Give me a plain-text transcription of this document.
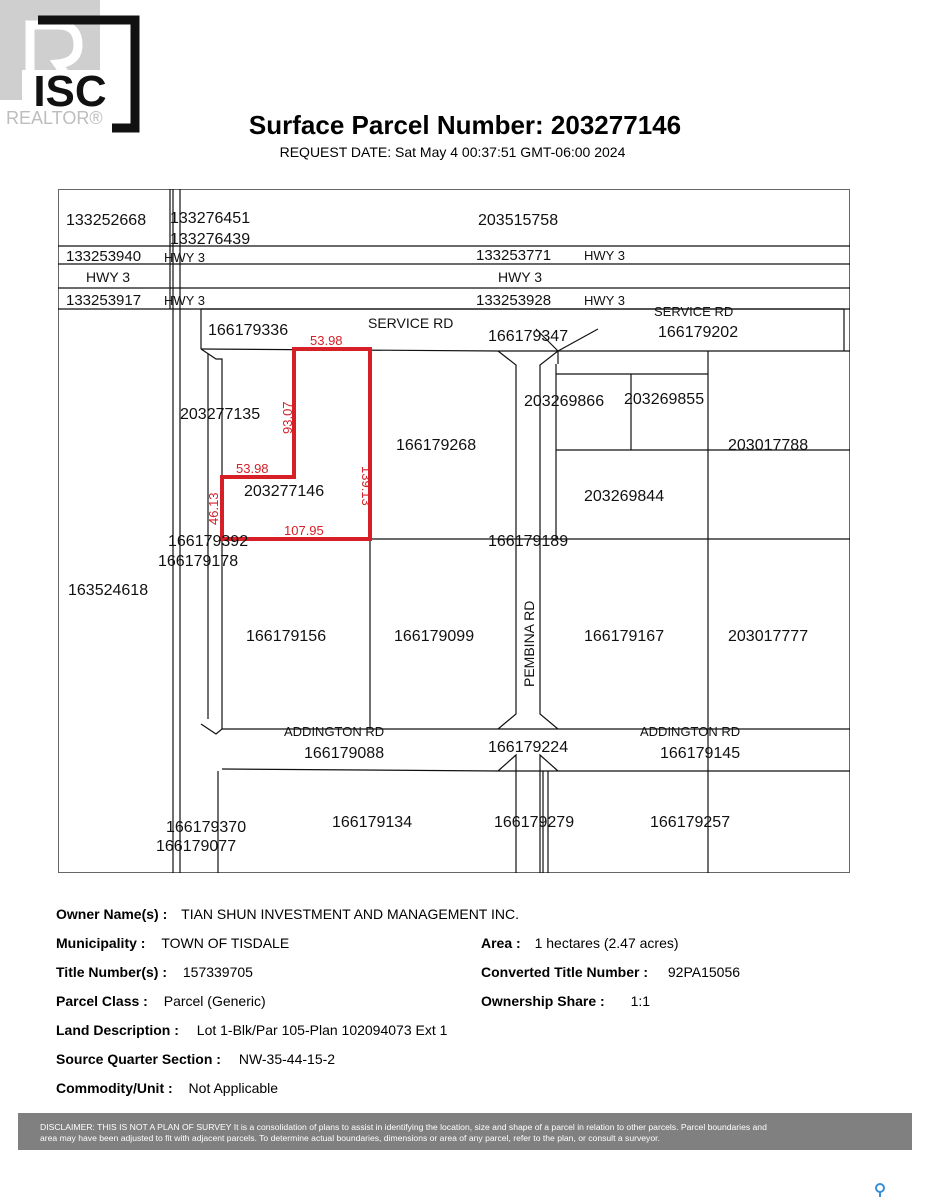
ISC
REALTOR®	Surface Parcel Number: 203277146
REQUEST DATE: Sat May 4 00:37:51 GMT-06:00 2024
133252668 133276451
133276439
203515758
133253940 HWY 3	133253771	HWY 3
HWY 3	HWY 3
133253917 HWY 3	133253928	HWY 3
166179336	166179347	166179202
203277135
203269866 203269855
166179268	203017788
203277146	203269844
166179392
166179178
166179189
163524618
166179156	166179099	166179167	203017777
166179088	166179224	166179145
166179370
166179077
166179134	166179279	166179257
SERVICE RD
SERVICE RD
PEMBINA RD
ADDINGTON RD	ADDINGTON RD
53.98
93.07
139.13
53.98
46.13
107.95
Owner Name(s) : TIAN SHUN INVESTMENT AND MANAGEMENT INC.
Municipality : TOWN OF TISDALE	Area : 1 hectares (2.47 acres)
Title Number(s) : 157339705	Converted Title Number : 92PA15056
Parcel Class : Parcel (Generic)	Ownership Share : 1:1
Land Description : Lot 1-Blk/Par 105-Plan 102094073 Ext 1
Source Quarter Section : NW-35-44-15-2
Commodity/Unit : Not Applicable
DISCLAIMER: THIS IS NOT A PLAN OF SURVEY It is a consolidation of plans to assist in identifying the location, size and shape of a parcel in relation to other parcels. Parcel boundaries and
area may have been adjusted to fit with adjacent parcels. To determine actual boundaries, dimensions or area of any parcel, refer to the plan, or consult a surveyor.
